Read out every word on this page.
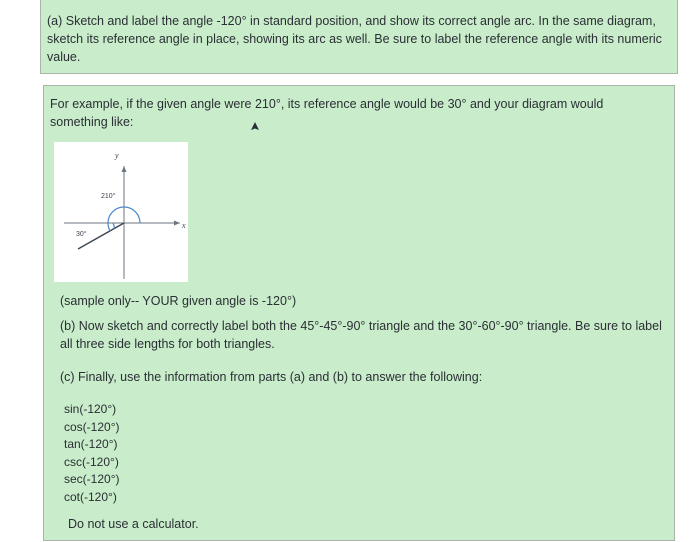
(a) Sketch and label the angle -120° in standard position, and show its correct angle arc. In the same diagram, sketch its reference angle in place, showing its arc as well. Be sure to label the reference angle with its numeric value.
For example, if the given angle were 210°, its reference angle would be 30° and your diagram would something like:
y
x
210°
30°
(sample only-- YOUR given angle is -120°)
(b) Now sketch and correctly label both the 45°-45°-90° triangle and the 30°-60°-90° triangle. Be sure to label all three side lengths for both triangles.
(c) Finally, use the information from parts (a) and (b) to answer the following:
sin(-120°)
cos(-120°)
tan(-120°)
csc(-120°)
sec(-120°)
cot(-120°)
Do not use a calculator.
